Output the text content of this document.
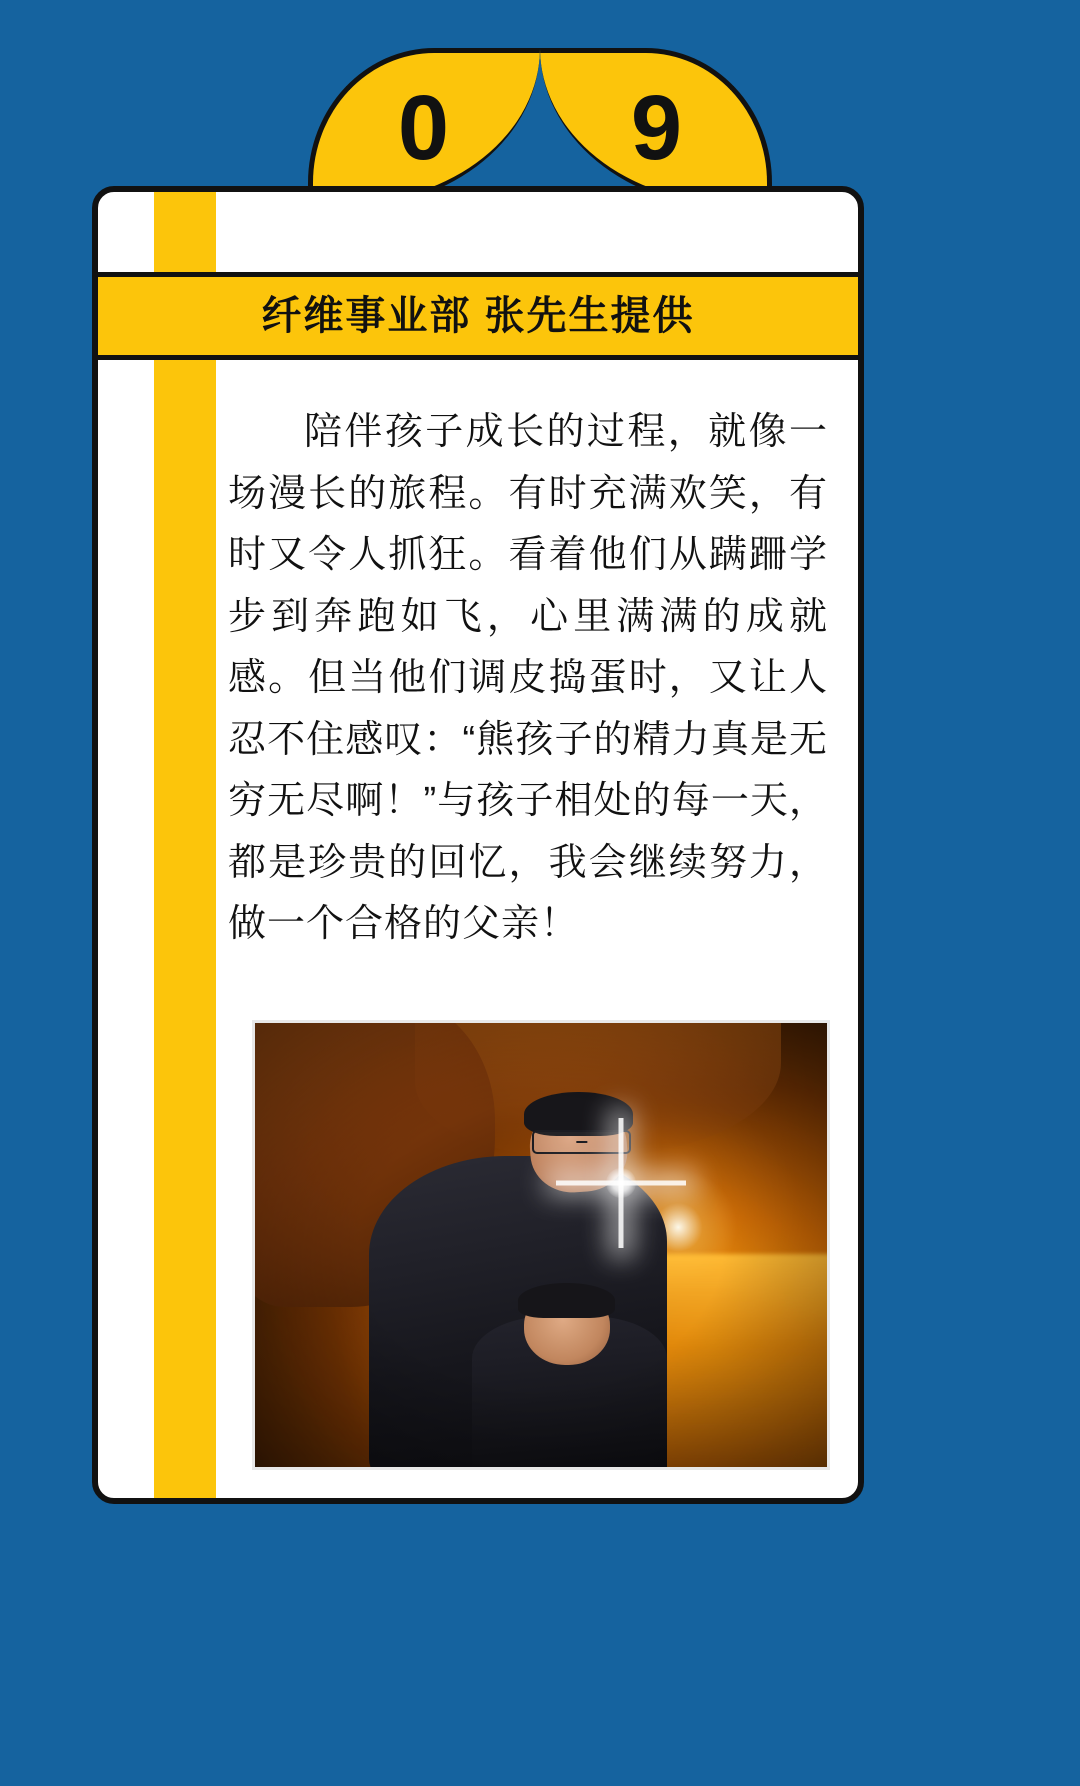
0 9
纤维事业部 张先生提供

陪伴孩子成长的过程，就像一场漫长的旅程。有时充满欢笑，有时又令人抓狂。看着他们从蹒跚学步到奔跑如飞，心里满满的成就感。但当他们调皮捣蛋时，又让人忍不住感叹：“熊孩子的精力真是无穷无尽啊！”与孩子相处的每一天，都是珍贵的回忆，我会继续努力，做一个合格的父亲！
